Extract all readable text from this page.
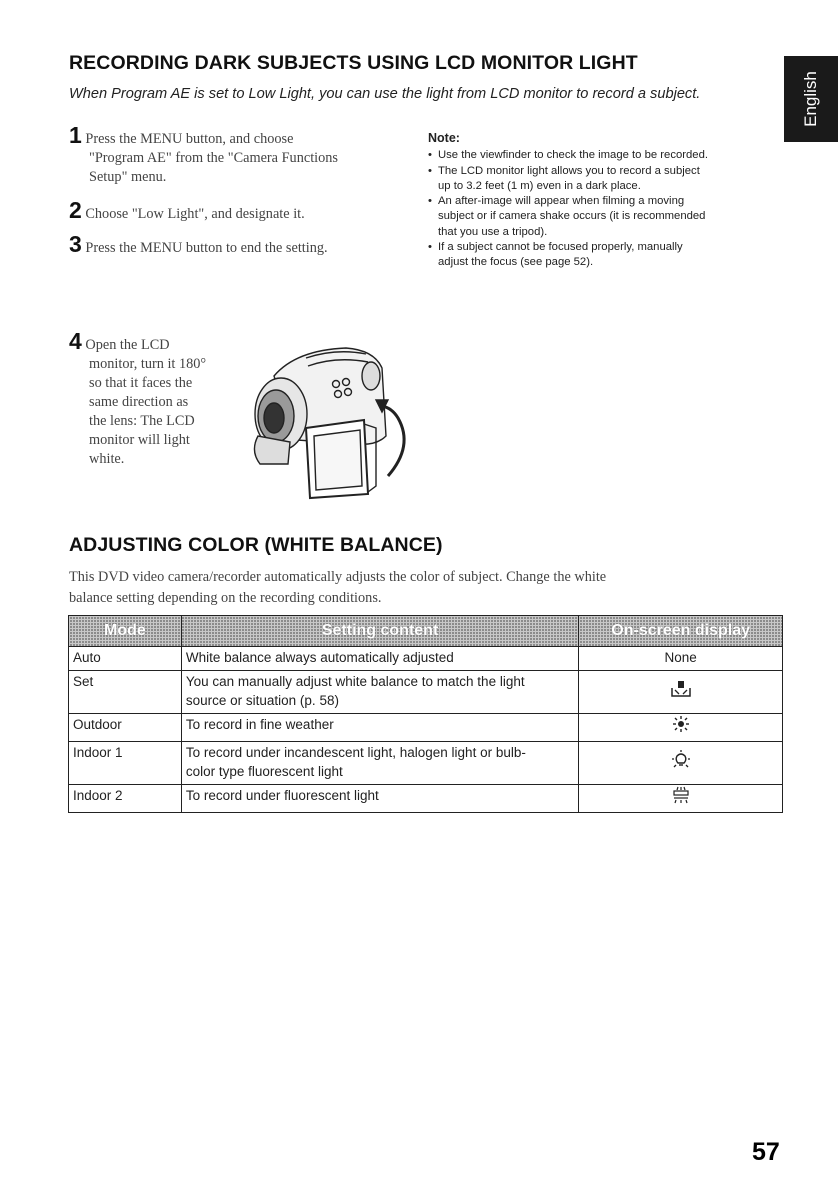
English
RECORDING DARK SUBJECTS USING LCD MONITOR LIGHT
When Program AE is set to Low Light, you can use the light from LCD monitor to record a subject.
1 Press the MENU button, and choose
"Program AE" from the "Camera Functions
Setup" menu.
2 Choose "Low Light", and designate it.
3 Press the MENU button to end the setting.
Note:
• Use the viewfinder to check the image to be recorded.
• The LCD monitor light allows you to record a subject
up to 3.2 feet (1 m) even in a dark place.
• An after-image will appear when filming a moving
subject or if camera shake occurs (it is recommended
that you use a tripod).
• If a subject cannot be focused properly, manually
adjust the focus (see page 52).
4 Open the LCD
monitor, turn it 180°
so that it faces the
same direction as
the lens: The LCD
monitor will light
white.
ADJUSTING COLOR (WHITE BALANCE)
This DVD video camera/recorder automatically adjusts the color of subject. Change the white
balance setting depending on the recording conditions.
Mode	Setting content	On-screen display
Auto	White balance always automatically adjusted	None
Set	You can manually adjust white balance to match the light
source or situation (p. 58)	
Outdoor	To record in fine weather	
Indoor 1	To record under incandescent light, halogen light or bulb-
color type fluorescent light	
Indoor 2	To record under fluorescent light	
57
